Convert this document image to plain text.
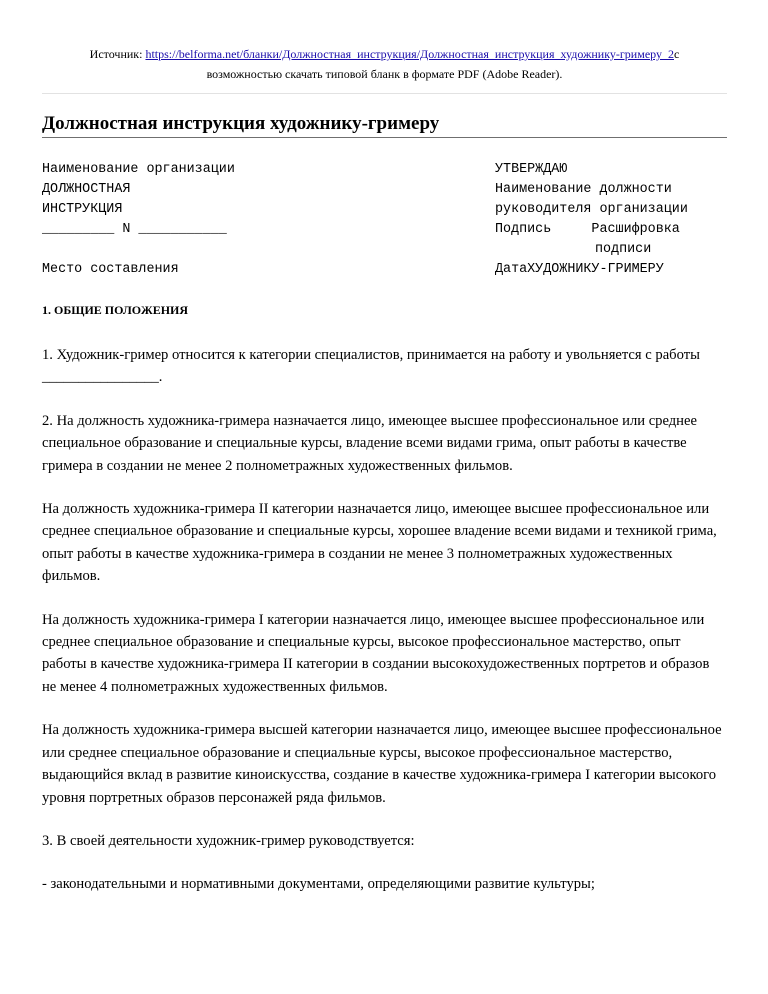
Источник: https://belforma.net/бланки/Должностная_инструкция/Должностная_инструкция_художнику-гримеру_2с
возможностью скачать типовой бланк в формате PDF (Adobe Reader).
Должностная инструкция художнику-гримеру
Наименование организации
ДОЛЖНОСТНАЯ
ИНСТРУКЦИЯ
_________ N ___________

Место составления
УТВЕРЖДАЮ
Наименование должности
руководителя организации
Подпись     Расшифровка
подписи
ДатаХУДОЖНИКУ-ГРИМЕРУ
1. ОБЩИЕ ПОЛОЖЕНИЯ

1. Художник-гример относится к категории специалистов, принимается на работу и увольняется с работы ________________.

2. На должность художника-гримера назначается лицо, имеющее высшее профессиональное или среднее специальное образование и специальные курсы, владение всеми видами грима, опыт работы в качестве гримера в создании не менее 2 полнометражных художественных фильмов.

На должность художника-гримера II категории назначается лицо, имеющее высшее профессиональное или среднее специальное образование и специальные курсы, хорошее владение всеми видами и техникой грима, опыт работы в качестве художника-гримера в создании не менее 3 полнометражных художественных фильмов.

На должность художника-гримера I категории назначается лицо, имеющее высшее профессиональное или среднее специальное образование и специальные курсы, высокое профессиональное мастерство, опыт работы в качестве художника-гримера II категории в создании высокохудожественных портретов и образов не менее 4 полнометражных художественных фильмов.

На должность художника-гримера высшей категории назначается лицо, имеющее высшее профессиональное или среднее специальное образование и специальные курсы, высокое профессиональное мастерство, выдающийся вклад в развитие киноискусства, создание в качестве художника-гримера I категории высокого уровня портретных образов персонажей ряда фильмов.

3. В своей деятельности художник-гример руководствуется:

- законодательными и нормативными документами, определяющими развитие культуры;
